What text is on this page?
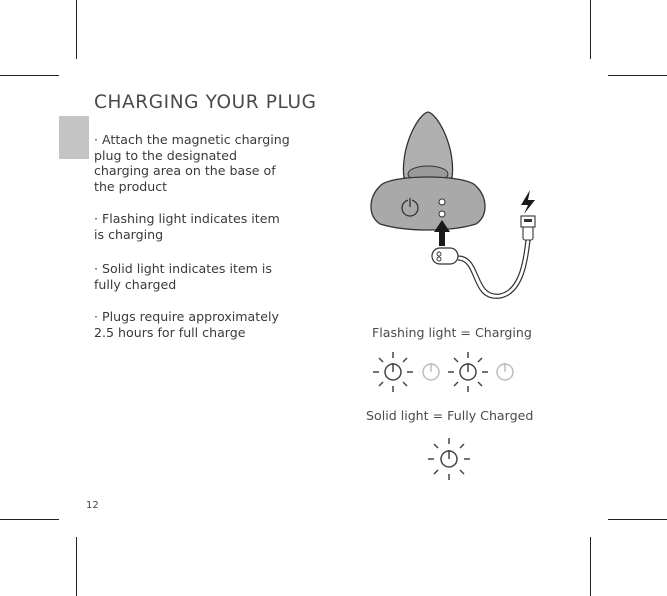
CHARGING YOUR PLUG
· Attach the magnetic charging plug to the designated charging area on the base of the product
· Flashing light indicates item is charging
· Solid light indicates item is fully charged
· Plugs require approximately 2.5 hours for full charge	Flashing light = Charging
Solid light = Fully Charged
12
